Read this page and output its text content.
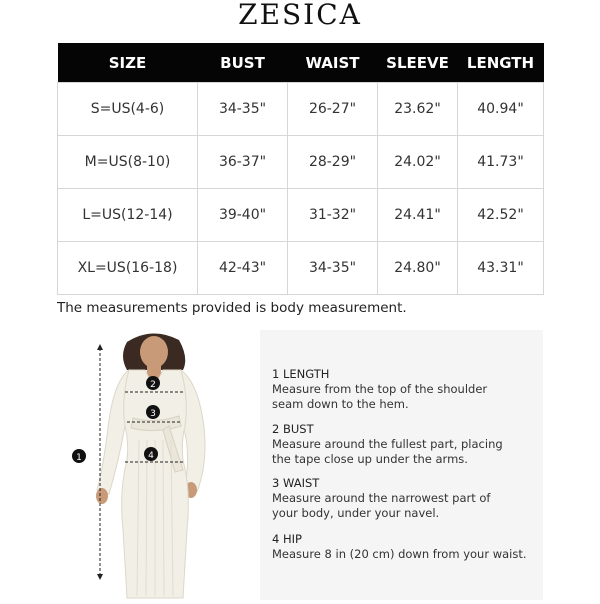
ZESICA
SIZE	BUST	WAIST	SLEEVE	LENGTH
S=US(4-6)	34-35"	26-27"	23.62"	40.94"
M=US(8-10)	36-37"	28-29"	24.02"	41.73"
L=US(12-14)	39-40"	31-32"	24.41"	42.52"
XL=US(16-18)	42-43"	34-35"	24.80"	43.31"
The measurements provided is body measurement.
1
2
3
4
1 LENGTH
Measure from the top of the shoulder
seam down to the hem.
2 BUST
Measure around the fullest part, placing
the tape close up under the arms.
3 WAIST
Measure around the narrowest part of
your body, under your navel.
4 HIP
Measure 8 in (20 cm) down from your waist.
